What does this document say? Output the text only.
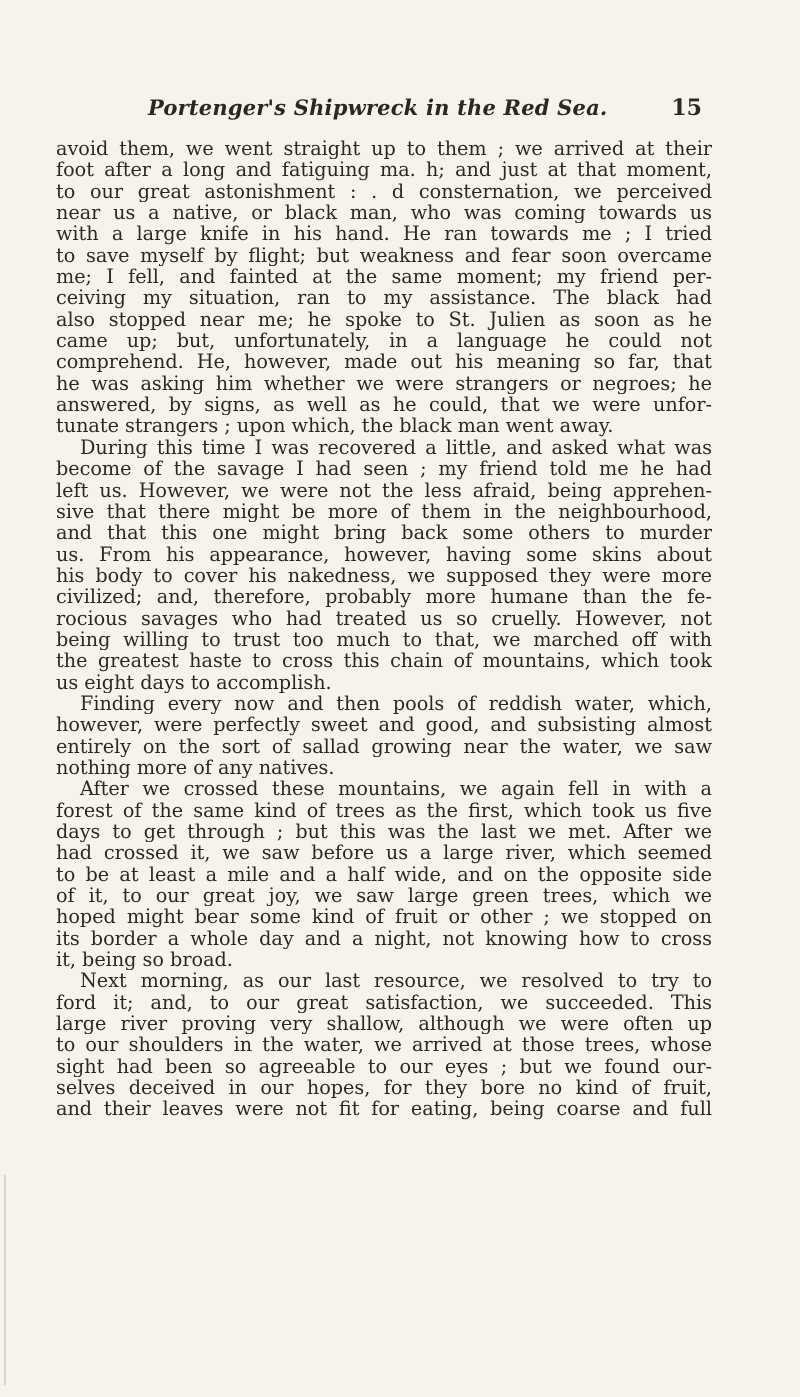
Portenger's Shipwreck in the Red Sea.	15
avoid them, we went straight up to them ; we arrived at their
foot after a long and fatiguing ma. h; and just at that moment,
to our great astonishment : . d consternation, we perceived
near us a native, or black man, who was coming towards us
with a large knife in his hand. He ran towards me ; I tried
to save myself by flight; but weakness and fear soon overcame
me; I fell, and fainted at the same moment; my friend per-
ceiving my situation, ran to my assistance. The black had
also stopped near me; he spoke to St. Julien as soon as he
came up; but, unfortunately, in a language he could not
comprehend. He, however, made out his meaning so far, that
he was asking him whether we were strangers or negroes; he
answered, by signs, as well as he could, that we were unfor-
tunate strangers ; upon which, the black man went away.
During this time I was recovered a little, and asked what was
become of the savage I had seen ; my friend told me he had
left us. However, we were not the less afraid, being apprehen-
sive that there might be more of them in the neighbourhood,
and that this one might bring back some others to murder
us. From his appearance, however, having some skins about
his body to cover his nakedness, we supposed they were more
civilized; and, therefore, probably more humane than the fe-
rocious savages who had treated us so cruelly. However, not
being willing to trust too much to that, we marched off with
the greatest haste to cross this chain of mountains, which took
us eight days to accomplish.
Finding every now and then pools of reddish water, which,
however, were perfectly sweet and good, and subsisting almost
entirely on the sort of sallad growing near the water, we saw
nothing more of any natives.
After we crossed these mountains, we again fell in with a
forest of the same kind of trees as the first, which took us five
days to get through ; but this was the last we met. After we
had crossed it, we saw before us a large river, which seemed
to be at least a mile and a half wide, and on the opposite side
of it, to our great joy, we saw large green trees, which we
hoped might bear some kind of fruit or other ; we stopped on
its border a whole day and a night, not knowing how to cross
it, being so broad.
Next morning, as our last resource, we resolved to try to
ford it; and, to our great satisfaction, we succeeded. This
large river proving very shallow, although we were often up
to our shoulders in the water, we arrived at those trees, whose
sight had been so agreeable to our eyes ; but we found our-
selves deceived in our hopes, for they bore no kind of fruit,
and their leaves were not fit for eating, being coarse and full
